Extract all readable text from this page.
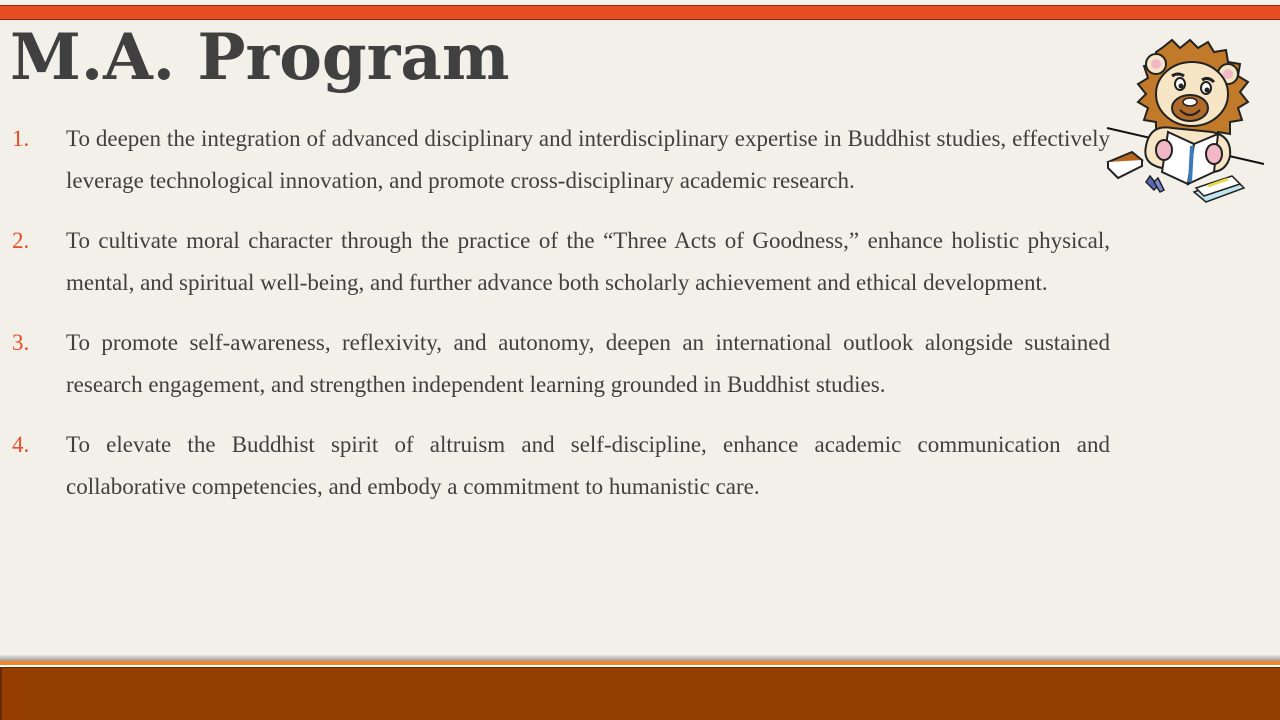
M.A. Program
1. To deepen the integration of advanced disciplinary and interdisciplinary expertise in Buddhist studies, effectively leverage technological innovation, and promote cross-disciplinary academic research.
2. To cultivate moral character through the practice of the “Three Acts of Goodness,” enhance holistic physical, mental, and spiritual well-being, and further advance both scholarly achievement and ethical development.
3. To promote self-awareness, reflexivity, and autonomy, deepen an international outlook alongside sustained research engagement, and strengthen independent learning grounded in Buddhist studies.
4. To elevate the Buddhist spirit of altruism and self-discipline, enhance academic communication and collaborative competencies, and embody a commitment to humanistic care.
